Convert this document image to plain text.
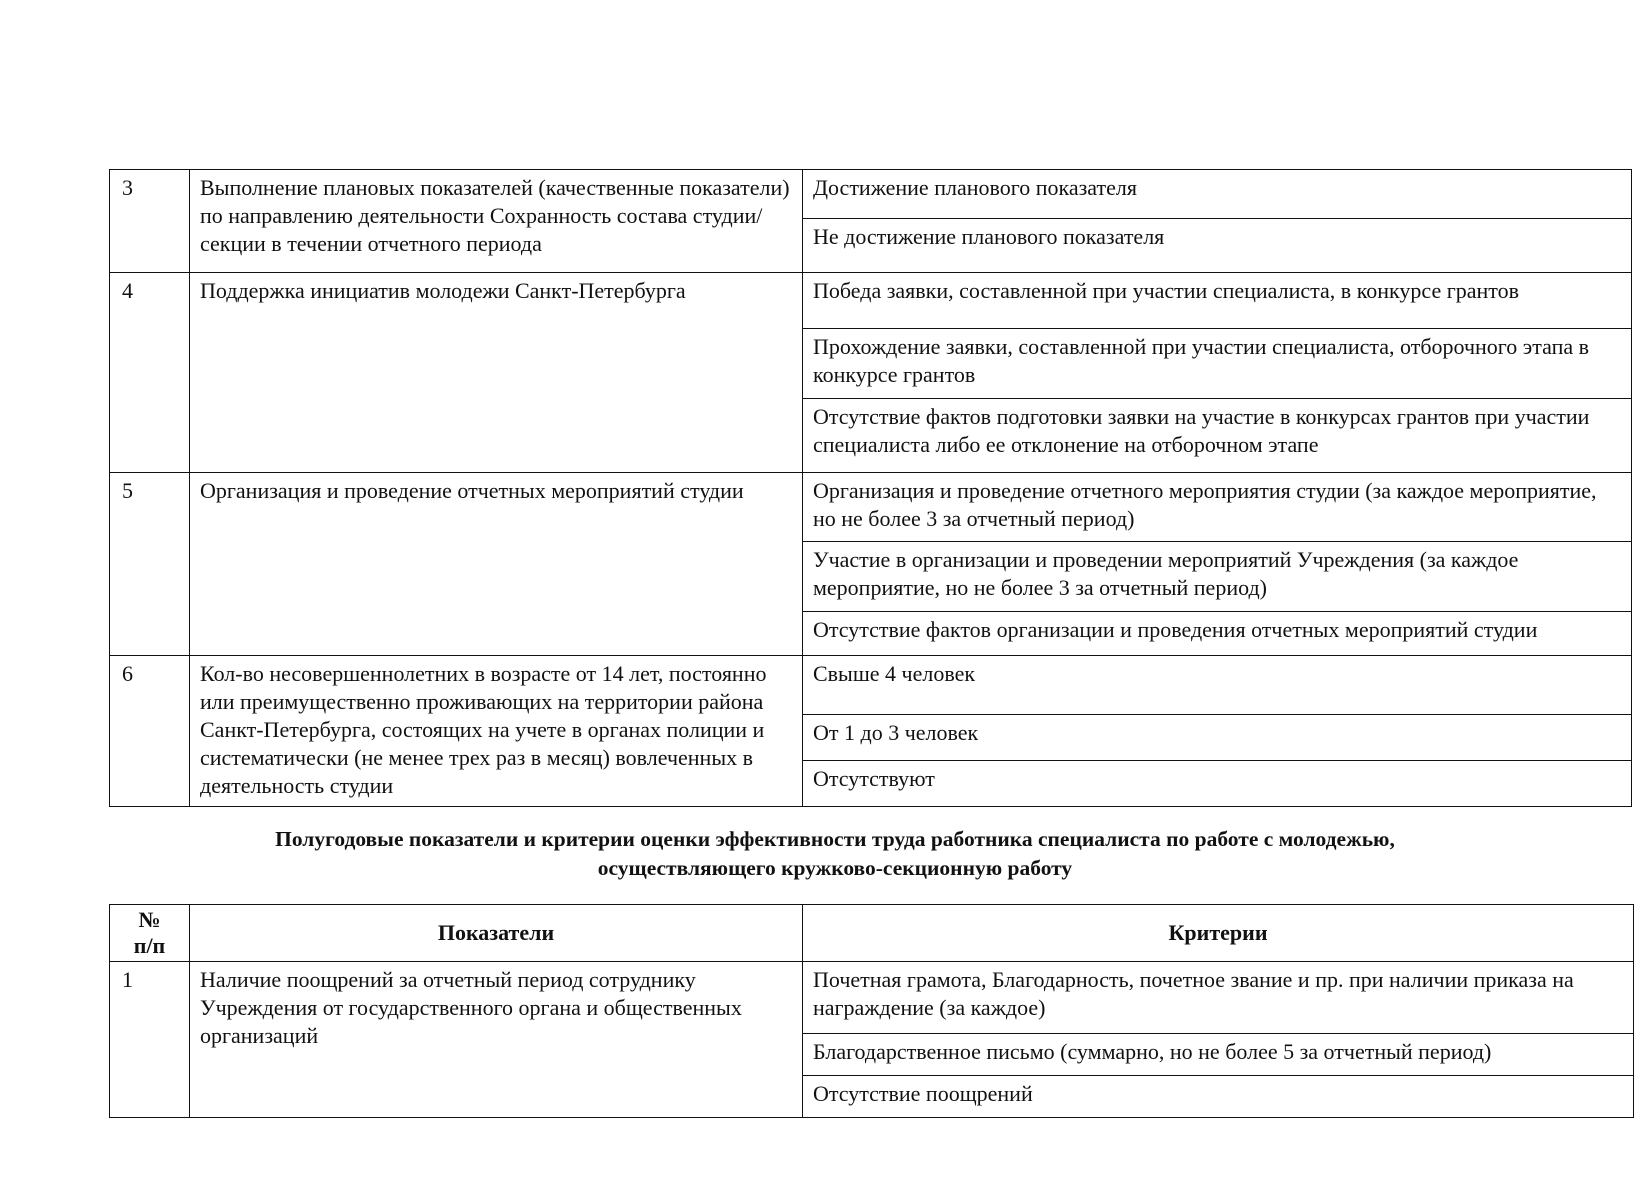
3	Выполнение плановых показателей (качественные показатели) по направлению деятельности Сохранность состава студии/секции в течении отчетного периода	Достижение планового показателя
		Не достижение планового показателя
4	Поддержка инициатив молодежи Санкт-Петербурга	Победа заявки, составленной при участии специалиста, в конкурсе грантов
		Прохождение заявки, составленной при участии специалиста, отборочного этапа в конкурсе грантов
		Отсутствие фактов подготовки заявки на участие в конкурсах грантов при участии специалиста либо ее отклонение на отборочном этапе
5	Организация и проведение отчетных мероприятий студии	Организация и проведение отчетного мероприятия студии (за каждое мероприятие, но не более 3 за отчетный период)
		Участие в организации и проведении мероприятий Учреждения (за каждое мероприятие, но не более 3 за отчетный период)
		Отсутствие фактов организации и проведения отчетных мероприятий студии
6	Кол-во несовершеннолетних в возрасте от 14 лет, постоянно или преимущественно проживающих на территории района Санкт-Петербурга, состоящих на учете в органах полиции и систематически (не менее трех раз в месяц) вовлеченных в деятельность студии	Свыше 4 человек
		От 1 до 3 человек
		Отсутствуют
Полугодовые показатели и критерии оценки эффективности труда работника специалиста по работе с молодежью,
осуществляющего кружково-секционную работу
№
п/п	Показатели	Критерии
1	Наличие поощрений за отчетный период сотруднику Учреждения от государственного органа и общественных организаций	Почетная грамота, Благодарность, почетное звание и пр. при наличии приказа на награждение (за каждое)
		Благодарственное письмо (суммарно, но не более 5 за отчетный период)
		Отсутствие поощрений
